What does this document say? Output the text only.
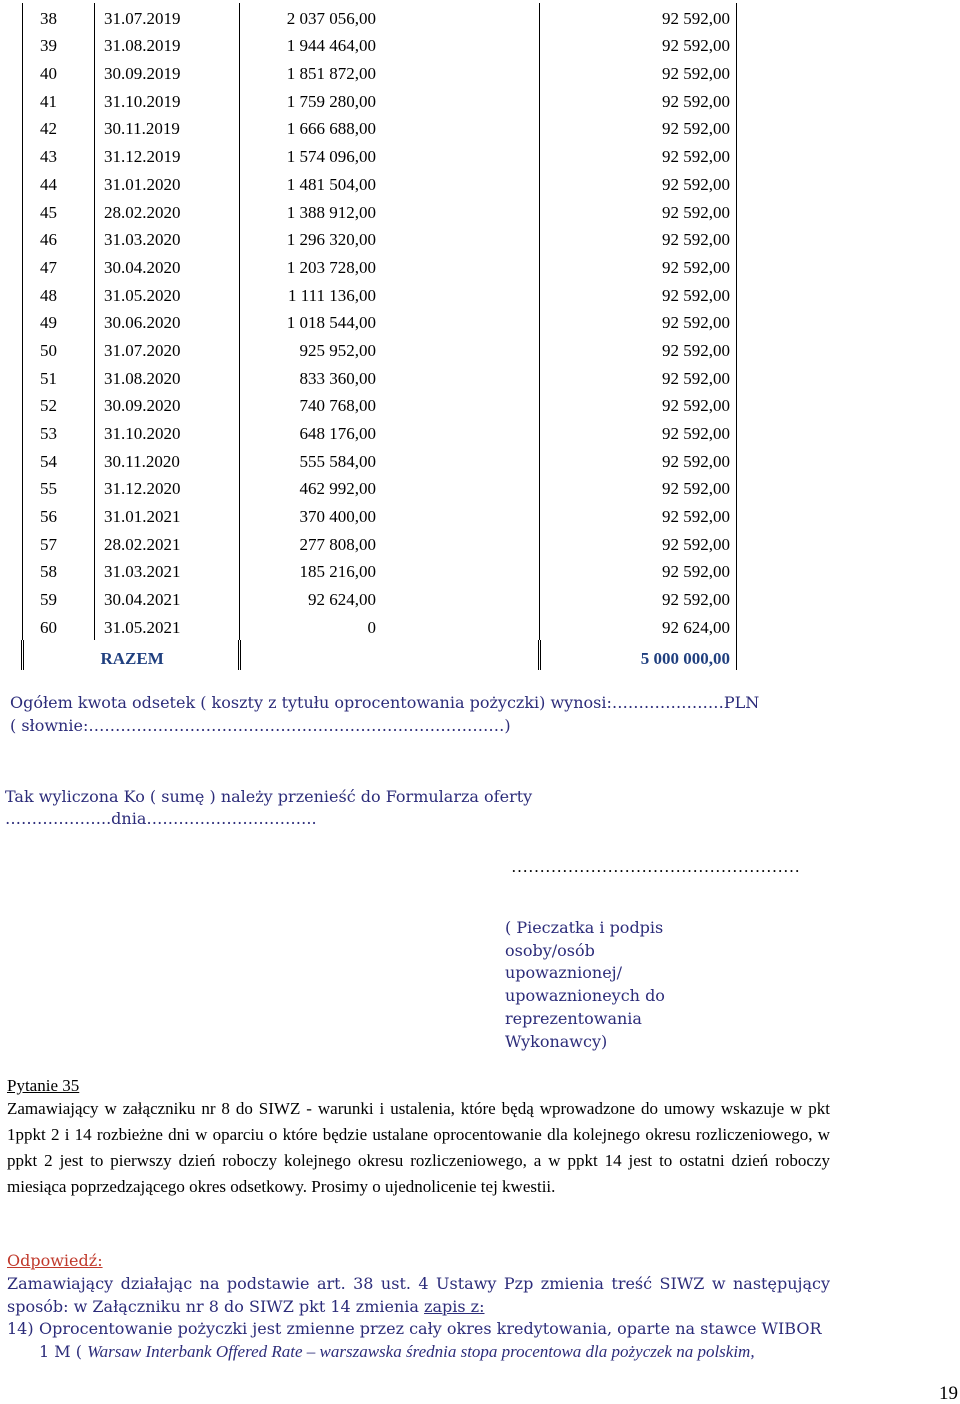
38	31.07.2019	2 037 056,00	92 592,00
39	31.08.2019	1 944 464,00	92 592,00
40	30.09.2019	1 851 872,00	92 592,00
41	31.10.2019	1 759 280,00	92 592,00
42	30.11.2019	1 666 688,00	92 592,00
43	31.12.2019	1 574 096,00	92 592,00
44	31.01.2020	1 481 504,00	92 592,00
45	28.02.2020	1 388 912,00	92 592,00
46	31.03.2020	1 296 320,00	92 592,00
47	30.04.2020	1 203 728,00	92 592,00
48	31.05.2020	1 111 136,00	92 592,00
49	30.06.2020	1 018 544,00	92 592,00
50	31.07.2020	925 952,00	92 592,00
51	31.08.2020	833 360,00	92 592,00
52	30.09.2020	740 768,00	92 592,00
53	31.10.2020	648 176,00	92 592,00
54	30.11.2020	555 584,00	92 592,00
55	31.12.2020	462 992,00	92 592,00
56	31.01.2021	370 400,00	92 592,00
57	28.02.2021	277 808,00	92 592,00
58	31.03.2021	185 216,00	92 592,00
59	30.04.2021	92 624,00	92 592,00
60	31.05.2021	0	92 624,00
	RAZEM		5 000 000,00

Ogółem kwota odsetek ( koszty z tytułu oprocentowania pożyczki) wynosi:…………………PLN

( słownie:……………………………………………………………………)

Tak wyliczona Ko ( sumę ) należy przenieść do Formularza oferty

………………..dnia…………………………..

……………………………………………

( Pieczatka i podpis
osoby/osób
upowaznionej/
upowaznioneych do
reprezentowania
Wykonawcy)

Pytanie 35

Zamawiający w załączniku nr 8 do SIWZ - warunki i ustalenia, które będą wprowadzone do umowy wskazuje w pkt 1ppkt 2 i 14 rozbieżne dni w oparciu o które będzie ustalane oprocentowanie dla kolejnego okresu rozliczeniowego, w ppkt 2 jest to pierwszy dzień roboczy kolejnego okresu rozliczeniowego, a w ppkt 14 jest to ostatni dzień roboczy miesiąca poprzedzającego okres odsetkowy. Prosimy o ujednolicenie tej kwestii.

Odpowiedź:

Zamawiający działając na podstawie art. 38 ust. 4 Ustawy Pzp zmienia treść SIWZ w następujący sposób: w Załączniku nr 8 do SIWZ pkt 14 zmienia zapis z:

14) Oprocentowanie pożyczki jest zmienne przez cały okres kredytowania, oparte na stawce WIBOR
1 M ( Warsaw Interbank Offered Rate – warszawska średnia stopa procentowa dla pożyczek na polskim,
19
